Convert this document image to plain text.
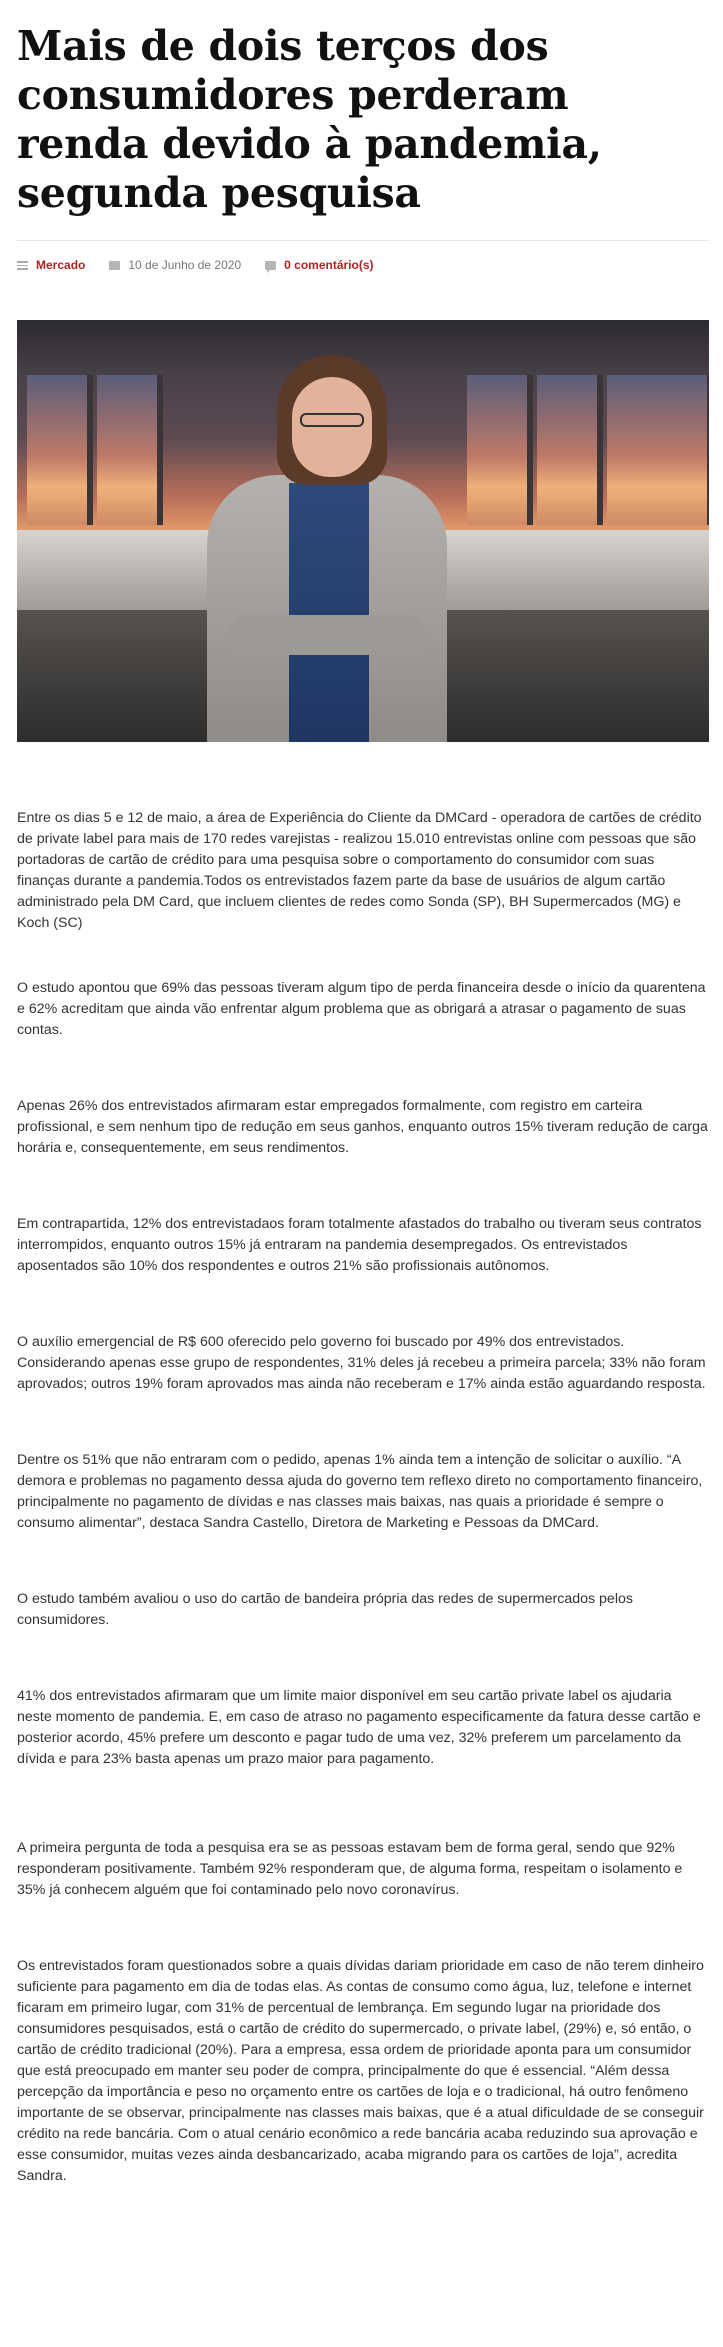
Mais de dois terços dos consumidores perderam renda devido à pandemia, segunda pesquisa
Mercado	10 de Junho de 2020	0 comentário(s)

Entre os dias 5 e 12 de maio, a área de Experiência do Cliente da DMCard - operadora de cartões de crédito de private label para mais de 170 redes varejistas - realizou 15.010 entrevistas online com pessoas que são portadoras de cartão de crédito para uma pesquisa sobre o comportamento do consumidor com suas finanças durante a pandemia.Todos os entrevistados fazem parte da base de usuários de algum cartão administrado pela DM Card, que incluem clientes de redes como Sonda (SP), BH Supermercados (MG) e Koch (SC)

O estudo apontou que 69% das pessoas tiveram algum tipo de perda financeira desde o início da quarentena e 62% acreditam que ainda vão enfrentar algum problema que as obrigará a atrasar o pagamento de suas contas.

Apenas 26% dos entrevistados afirmaram estar empregados formalmente, com registro em carteira profissional, e sem nenhum tipo de redução em seus ganhos, enquanto outros 15% tiveram redução de carga horária e, consequentemente, em seus rendimentos.

Em contrapartida, 12% dos entrevistadaos foram totalmente afastados do trabalho ou tiveram seus contratos interrompidos, enquanto outros 15% já entraram na pandemia desempregados. Os entrevistados aposentados são 10% dos respondentes e outros 21% são profissionais autônomos.

O auxílio emergencial de R$ 600 oferecido pelo governo foi buscado por 49% dos entrevistados. Considerando apenas esse grupo de respondentes, 31% deles já recebeu a primeira parcela; 33% não foram aprovados; outros 19% foram aprovados mas ainda não receberam e 17% ainda estão aguardando resposta.

Dentre os 51% que não entraram com o pedido, apenas 1% ainda tem a intenção de solicitar o auxílio. “A demora e problemas no pagamento dessa ajuda do governo tem reflexo direto no comportamento financeiro, principalmente no pagamento de dívidas e nas classes mais baixas, nas quais a prioridade é sempre o consumo alimentar”, destaca Sandra Castello, Diretora de Marketing e Pessoas da DMCard.

O estudo também avaliou o uso do cartão de bandeira própria das redes de supermercados pelos consumidores.

41% dos entrevistados afirmaram que um limite maior disponível em seu cartão private label os ajudaria neste momento de pandemia. E, em caso de atraso no pagamento especificamente da fatura desse cartão e posterior acordo, 45% prefere um desconto e pagar tudo de uma vez, 32% preferem um parcelamento da dívida e para 23% basta apenas um prazo maior para pagamento.

A primeira pergunta de toda a pesquisa era se as pessoas estavam bem de forma geral, sendo que 92% responderam positivamente. Também 92% responderam que, de alguma forma, respeitam o isolamento e 35% já conhecem alguém que foi contaminado pelo novo coronavírus.

Os entrevistados foram questionados sobre a quais dívidas dariam prioridade em caso de não terem dinheiro suficiente para pagamento em dia de todas elas. As contas de consumo como água, luz, telefone e internet ficaram em primeiro lugar, com 31% de percentual de lembrança. Em segundo lugar na prioridade dos consumidores pesquisados, está o cartão de crédito do supermercado, o private label, (29%) e, só então, o cartão de crédito tradicional (20%). Para a empresa, essa ordem de prioridade aponta para um consumidor que está preocupado em manter seu poder de compra, principalmente do que é essencial. “Além dessa percepção da importância e peso no orçamento entre os cartões de loja e o tradicional, há outro fenômeno importante de se observar, principalmente nas classes mais baixas, que é a atual dificuldade de se conseguir crédito na rede bancária. Com o atual cenário econômico a rede bancária acaba reduzindo sua aprovação e esse consumidor, muitas vezes ainda desbancarizado, acaba migrando para os cartões de loja”, acredita Sandra.
